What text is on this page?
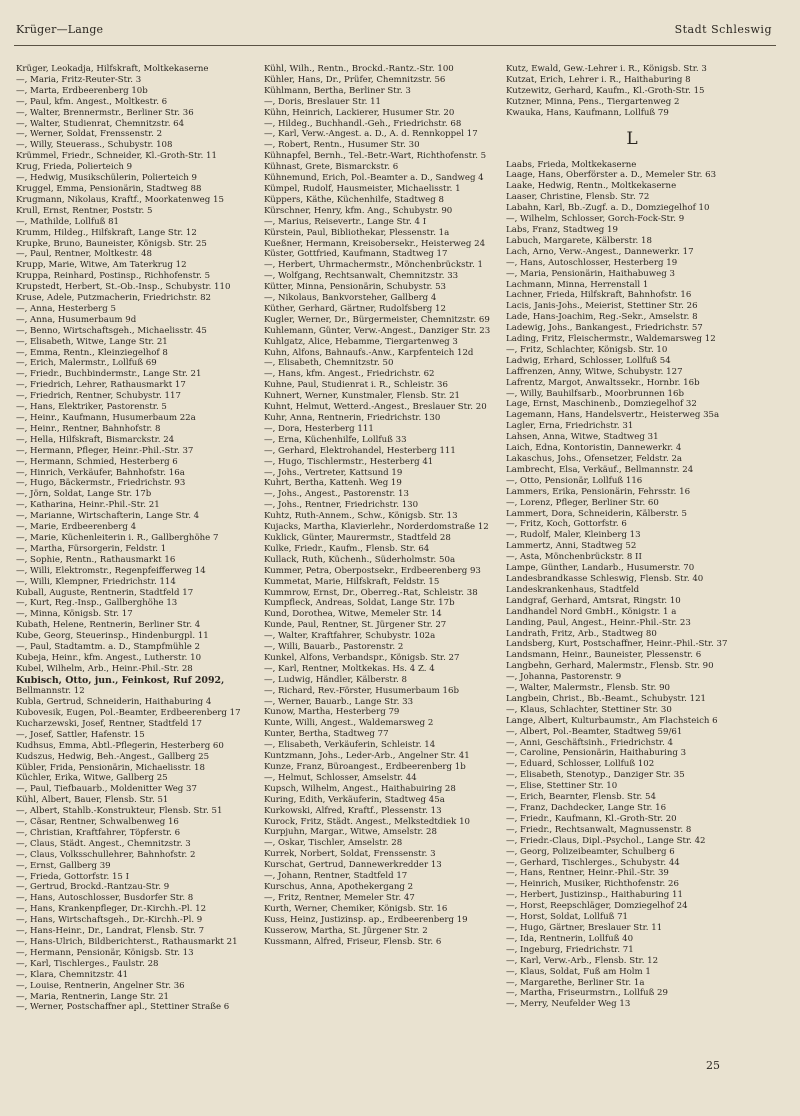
Krüger—Lange	Stadt Schleswig
Krüger, Leokadja, Hilfskraft, Moltkekaserne
—, Maria, Fritz-Reuter-Str. 3
—, Marta, Erdbeerenberg 10b
—, Paul, kfm. Angest., Moltkestr. 6
—, Walter, Brennermstr., Berliner Str. 36
—, Walter, Studienrat, Chemnitzstr. 64
—, Werner, Soldat, Frenssenstr. 2
—, Willy, Steuerass., Schubystr. 108
Krümmel, Friedr., Schneider, Kl.-Groth-Str. 11
Krug, Frieda, Polierteich 9
—, Hedwig, Musikschülerin, Polierteich 9
Kruggel, Emma, Pensionärin, Stadtweg 88
Krugmann, Nikolaus, Kraftf., Moorkatenweg 15
Krull, Ernst, Rentner, Poststr. 5
—, Mathilde, Lollfuß 81
Krumm, Hildeg., Hilfskraft, Lange Str. 12
Krupke, Bruno, Bauneister, Königsb. Str. 25
—, Paul, Rentner, Moltkestr. 48
Krupp, Marie, Witwe, Am Taterkrug 12
Kruppa, Reinhard, Postinsp., Richhofenstr. 5
Krupstedt, Herbert, St.-Ob.-Insp., Schubystr. 110
Kruse, Adele, Putzmacherin, Friedrichstr. 82
—, Anna, Hesterberg 5
—, Anna, Husumerbaum 9d
—, Benno, Wirtschaftsgeh., Michaelisstr. 45
—, Elisabeth, Witwe, Lange Str. 21
—, Emma, Rentn., Kleinziegelhof 8
—, Erich, Malermstr., Lollfuß 69
—, Friedr., Buchbindermstr., Lange Str. 21
—, Friedrich, Lehrer, Rathausmarkt 17
—, Friedrich, Rentner, Schubystr. 117
—, Hans, Elektriker, Pastorenstr. 5
—, Heinr., Kaufmann, Husumerbaum 22a
—, Heinr., Rentner, Bahnhofstr. 8
—, Hella, Hilfskraft, Bismarckstr. 24
—, Hermann, Pfleger, Heinr.-Phil.-Str. 37
—, Hermann, Schmied, Hesterberg 6
—, Hinrich, Verkäufer, Bahnhofstr. 16a
—, Hugo, Bäckermstr., Friedrichstr. 93
—, Jörn, Soldat, Lange Str. 17b
—, Katharina, Heinr.-Phil.-Str. 21
—, Marianne, Wirtschafterin, Lange Str. 4
—, Marie, Erdbeerenberg 4
—, Marie, Küchenleiterin i. R., Gallberghöhe 7
—, Martha, Fürsorgerin, Feldstr. 1
—, Sophie, Rentn., Rathausmarkt 16
—, Willi, Elektromstr., Regenpfeifferweg 14
—, Willi, Klempner, Friedrichstr. 114
Kuball, Auguste, Rentnerin, Stadtfeld 17
—, Kurt, Reg.-Insp., Gallberghöhe 13
—, Minna, Königsb. Str. 17
Kubath, Helene, Rentnerin, Berliner Str. 4
Kube, Georg, Steuerinsp., Hindenburgpl. 11
—, Paul, Stadtamtm. a. D., Stampfmühle 2
Kubeja, Heinr., kfm. Angest., Lutherstr. 10
Kubel, Wilhelm, Arb., Heinr.-Phil.-Str. 28
Kubisch, Otto, jun., Feinkost, Ruf 2092,
Bellmannstr. 12
Kubla, Gertrud, Schneiderin, Haithaburing 4
Kubovesik, Eugen, Pol.-Beamter, Erdbeerenberg 17
Kucharzewski, Josef, Rentner, Stadtfeld 17
—, Josef, Sattler, Hafenstr. 15
Kudhsus, Emma, Abtl.-Pflegerin, Hesterberg 60
Kudszus, Hedwig, Beh.-Angest., Gallberg 25
Kübler, Frida, Pensionärin, Michaelisstr. 18
Küchler, Erika, Witwe, Gallberg 25
—, Paul, Tiefbauarb., Moldenitter Weg 37
Kühl, Albert, Bauer, Flensb. Str. 51
—, Albert, Stahlb.-Konstrukteur, Flensb. Str. 51
—, Cäsar, Rentner, Schwalbenweg 16
—, Christian, Kraftfahrer, Töpferstr. 6
—, Claus, Städt. Angest., Chemnitzstr. 3
—, Claus, Volksschullehrer, Bahnhofstr. 2
—, Ernst, Gallberg 39
—, Frieda, Gottorfstr. 15 I
—, Gertrud, Brockd.-Rantzau-Str. 9
—, Hans, Autoschlosser, Busdorfer Str. 8
—, Hans, Krankenpfleger, Dr.-Kirchh.-Pl. 12
—, Hans, Wirtschaftsgeh., Dr.-Kirchh.-Pl. 9
—, Hans-Heinr., Dr., Landrat, Flensb. Str. 7
—, Hans-Ulrich, Bildberichterst., Rathausmarkt 21
—, Hermann, Pensionär, Königsb. Str. 13
—, Karl, Tischlerges., Faulstr. 28
—, Klara, Chemnitzstr. 41
—, Louise, Rentnerin, Angelner Str. 36
—, Maria, Rentnerin, Lange Str. 21
—, Werner, Postschaffner apl., Stettiner Straße 6
Kühl, Wilh., Rentn., Brockd.-Rantz.-Str. 100
Kühler, Hans, Dr., Prüfer, Chemnitzstr. 56
Kühlmann, Bertha, Berliner Str. 3
—, Doris, Breslauer Str. 11
Kühn, Heinrich, Lackierer, Husumer Str. 20
—, Hildeg., Buchhandl.-Geh., Friedrichstr. 68
—, Karl, Verw.-Angest. a. D., A. d. Rennkoppel 17
—, Robert, Rentn., Husumer Str. 30
Kühnapfel, Bernh., Tel.-Betr.-Wart, Richthofenstr. 5
Kühnast, Grete, Bismarckstr. 6
Kühnemund, Erich, Pol.-Beamter a. D., Sandweg 4
Kümpel, Rudolf, Hausmeister, Michaelisstr. 1
Küppers, Käthe, Küchenhilfe, Stadtweg 8
Kürschner, Henry, kfm. Ang., Schubystr. 90
—, Marius, Reisevertr., Lange Str. 4 I
Kürstein, Paul, Bibliothekar, Plessenstr. 1a
Kueßner, Hermann, Kreisobersekr., Heisterweg 24
Küster, Gottfried, Kaufmann, Stadtweg 17
—, Herbert, Uhrmachermstr., Mönchenbrückstr. 1
—, Wolfgang, Rechtsanwalt, Chemnitzstr. 33
Kütter, Minna, Pensionärin, Schubystr. 53
—, Nikolaus, Bankvorsteher, Gallberg 4
Küther, Gerhard, Gärtner, Rudolfsberg 12
Kugler, Werner, Dr., Bürgermeister, Chemnitzstr. 69
Kuhlemann, Günter, Verw.-Angest., Danziger Str. 23
Kuhlgatz, Alice, Hebamme, Tiergartenweg 3
Kuhn, Alfons, Bahnaufs.-Anw., Karpfenteich 12d
—, Elisabeth, Chemnitzstr. 50
—, Hans, kfm. Angest., Friedrichstr. 62
Kuhne, Paul, Studienrat i. R., Schleistr. 36
Kuhnert, Werner, Kunstmaler, Flensb. Str. 21
Kuhnt, Helmut, Wetterd.-Angest., Breslauer Str. 20
Kuhr, Anna, Rentnerin, Friedrichstr. 130
—, Dora, Hesterberg 111
—, Erna, Küchenhilfe, Lollfuß 33
—, Gerhard, Elektrohandel, Hesterberg 111
—, Hugo, Tischlermstr., Hesterberg 41
—, Johs., Vertreter, Kattsund 19
Kuhrt, Bertha, Kattenh. Weg 19
—, Johs., Angest., Pastorenstr. 13
—, Johs., Rentner, Friedrichstr. 130
Kuhtz, Ruth-Annem., Schw., Königsb. Str. 13
Kujacks, Martha, Klavierlehr., Norderdomstraße 12
Kuklick, Günter, Maurermstr., Stadtfeld 28
Kulke, Friedr., Kaufm., Flensb. Str. 64
Kullack, Ruth, Küchenh., Süderholmstr. 50a
Kummer, Petra, Oberpostsekr., Erdbeerenberg 93
Kummetat, Marie, Hilfskraft, Feldstr. 15
Kummrow, Ernst, Dr., Oberreg.-Rat, Schleistr. 38
Kumpfleck, Andreas, Soldat, Lange Str. 17b
Kund, Dorothea, Witwe, Memeler Str. 14
Kunde, Paul, Rentner, St. Jürgener Str. 27
—, Walter, Kraftfahrer, Schubystr. 102a
—, Willi, Bauarb., Pastorenstr. 2
Kunkel, Alfons, Verbandspr., Königsb. Str. 27
—, Karl, Rentner, Moltkekas. Hs. 4 Z. 4
—, Ludwig, Händler, Kälberstr. 8
—, Richard, Rev.-Förster, Husumerbaum 16b
—, Werner, Bauarb., Lange Str. 33
Kunow, Martha, Hesterberg 79
Kunte, Willi, Angest., Waldemarsweg 2
Kunter, Bertha, Stadtweg 77
—, Elisabeth, Verkäuferin, Schleistr. 14
Kuntzmann, Johs., Leder-Arb., Angelner Str. 41
Kunze, Franz, Büroangest., Erdbeerenberg 1b
—, Helmut, Schlosser, Amselstr. 44
Kupsch, Wilhelm, Angest., Haithabuiring 28
Kuring, Edith, Verkäuferin, Stadtweg 45a
Kurkowski, Alfred, Kraftf., Plessenstr. 13
Kurock, Fritz, Städt. Angest., Melkstedtdiek 10
Kurpjuhn, Margar., Witwe, Amselstr. 28
—, Oskar, Tischler, Amselstr. 28
Kurrek, Norbert, Soldat, Frenssenstr. 3
Kurschat, Gertrud, Dannewerkredder 13
—, Johann, Rentner, Stadtfeld 17
Kurschus, Anna, Apothekergang 2
—, Fritz, Rentner, Memeler Str. 47
Kurth, Werner, Chemiker, Königsb. Str. 16
Kuss, Heinz, Justizinsp. ap., Erdbeerenberg 19
Kusserow, Martha, St. Jürgener Str. 2
Kussmann, Alfred, Friseur, Flensb. Str. 6
Kutz, Ewald, Gew.-Lehrer i. R., Königsb. Str. 3
Kutzat, Erich, Lehrer i. R., Haithaburing 8
Kutzewitz, Gerhard, Kaufm., Kl.-Groth-Str. 15
Kutzner, Minna, Pens., Tiergartenweg 2
Kwauka, Hans, Kaufmann, Lollfuß 79
L
Laabs, Frieda, Moltkekaserne
Laage, Hans, Oberförster a. D., Memeler Str. 63
Laake, Hedwig, Rentn., Moltkekaserne
Laaser, Christine, Flensb. Str. 72
Labahn, Karl, Bb.-Zugf. a. D., Domziegelhof 10
—, Wilhelm, Schlosser, Gorch-Fock-Str. 9
Labs, Franz, Stadtweg 19
Labuch, Margarete, Kälberstr. 18
Lach, Arno, Verw.-Angest., Dannewerkr. 17
—, Hans, Autoschlosser, Hesterberg 19
—, Maria, Pensionärin, Haithabuweg 3
Lachmann, Minna, Herrenstall 1
Lachner, Frieda, Hilfskraft, Bahnhofstr. 16
Lacis, Janis-Johs., Meierist, Stettiner Str. 26
Lade, Hans-Joachim, Reg.-Sekr., Amselstr. 8
Ladewig, Johs., Bankangest., Friedrichstr. 57
Lading, Fritz, Fleischermstr., Waldemarsweg 12
—, Fritz, Schlachter, Königsb. Str. 10
Ladwig, Erhard, Schlosser, Lollfuß 54
Laffrenzen, Anny, Witwe, Schubystr. 127
Lafrentz, Margot, Anwaltssekr., Hornbr. 16b
—, Willy, Bauhilfsarb., Moorbrunnen 16b
Lage, Ernst, Maschinenb., Domziegelhof 32
Lagemann, Hans, Handelsvertr., Heisterweg 35a
Lagler, Erna, Friedrichstr. 31
Lahsen, Anna, Witwe, Stadtweg 31
Laich, Edna, Kontoristin, Dannewerkr. 4
Lakaschus, Johs., Ofensetzer, Feldstr. 2a
Lambrecht, Elsa, Verkäuf., Bellmannstr. 24
—, Otto, Pensionär, Lollfuß 116
Lammers, Erika, Pensionärin, Fehrsstr. 16
—, Lorenz, Pfleger, Berliner Str. 60
Lammert, Dora, Schneiderin, Kälberstr. 5
—, Fritz, Koch, Gottorfstr. 6
—, Rudolf, Maler, Kleinberg 13
Lammertz, Anni, Stadtweg 52
—, Asta, Mönchenbrückstr. 8 II
Lampe, Günther, Landarb., Husumerstr. 70
Landesbrandkasse Schleswig, Flensb. Str. 40
Landeskrankenhaus, Stadtfeld
Landgraf, Gerhard, Amtsrat, Ringstr. 10
Landhandel Nord GmbH., Königstr. 1 a
Landing, Paul, Angest., Heinr.-Phil.-Str. 23
Landrath, Fritz, Arb., Stadtweg 80
Landsberg, Kurt, Postschaffner, Heinr.-Phil.-Str. 37
Landsmann, Heinr., Bauneister, Plessenstr. 6
Langbehn, Gerhard, Malermstr., Flensb. Str. 90
—, Johanna, Pastorenstr. 9
—, Walter, Malermstr., Flensb. Str. 90
Langbein, Christ., Bb.-Beamt., Schubystr. 121
—, Klaus, Schlachter, Stettiner Str. 30
Lange, Albert, Kulturbaumstr., Am Flachsteich 6
—, Albert, Pol.-Beamter, Stadtweg 59/61
—, Anni, Geschäftsinh., Friedrichstr. 4
—, Caroline, Pensionärin, Haithaburing 3
—, Eduard, Schlosser, Lollfuß 102
—, Elisabeth, Stenotyp., Danziger Str. 35
—, Elise, Stettiner Str. 10
—, Erich, Bearnter, Flensb. Str. 54
—, Franz, Dachdecker, Lange Str. 16
—, Friedr., Kaufmann, Kl.-Groth-Str. 20
—, Friedr., Rechtsanwalt, Magnussenstr. 8
—, Friedr.-Claus, Dipl.-Psychol., Lange Str. 42
—, Georg, Polizeibeamter, Schulberg 6
—, Gerhard, Tischlerges., Schubystr. 44
—, Hans, Rentner, Heinr.-Phil.-Str. 39
—, Heinrich, Musiker, Richthofenstr. 26
—, Herbert, Justizinsp., Haithaburing 11
—, Horst, Reepschläger, Domziegelhof 24
—, Horst, Soldat, Lollfuß 71
—, Hugo, Gärtner, Breslauer Str. 11
—, Ida, Rentnerin, Lollfuß 40
—, Ingeburg, Friedrichstr. 71
—, Karl, Verw.-Arb., Flensb. Str. 12
—, Klaus, Soldat, Fuß am Holm 1
—, Margarethe, Berliner Str. 1a
—, Martha, Friseurmstrn., Lollfuß 29
—, Merry, Neufelder Weg 13
25
